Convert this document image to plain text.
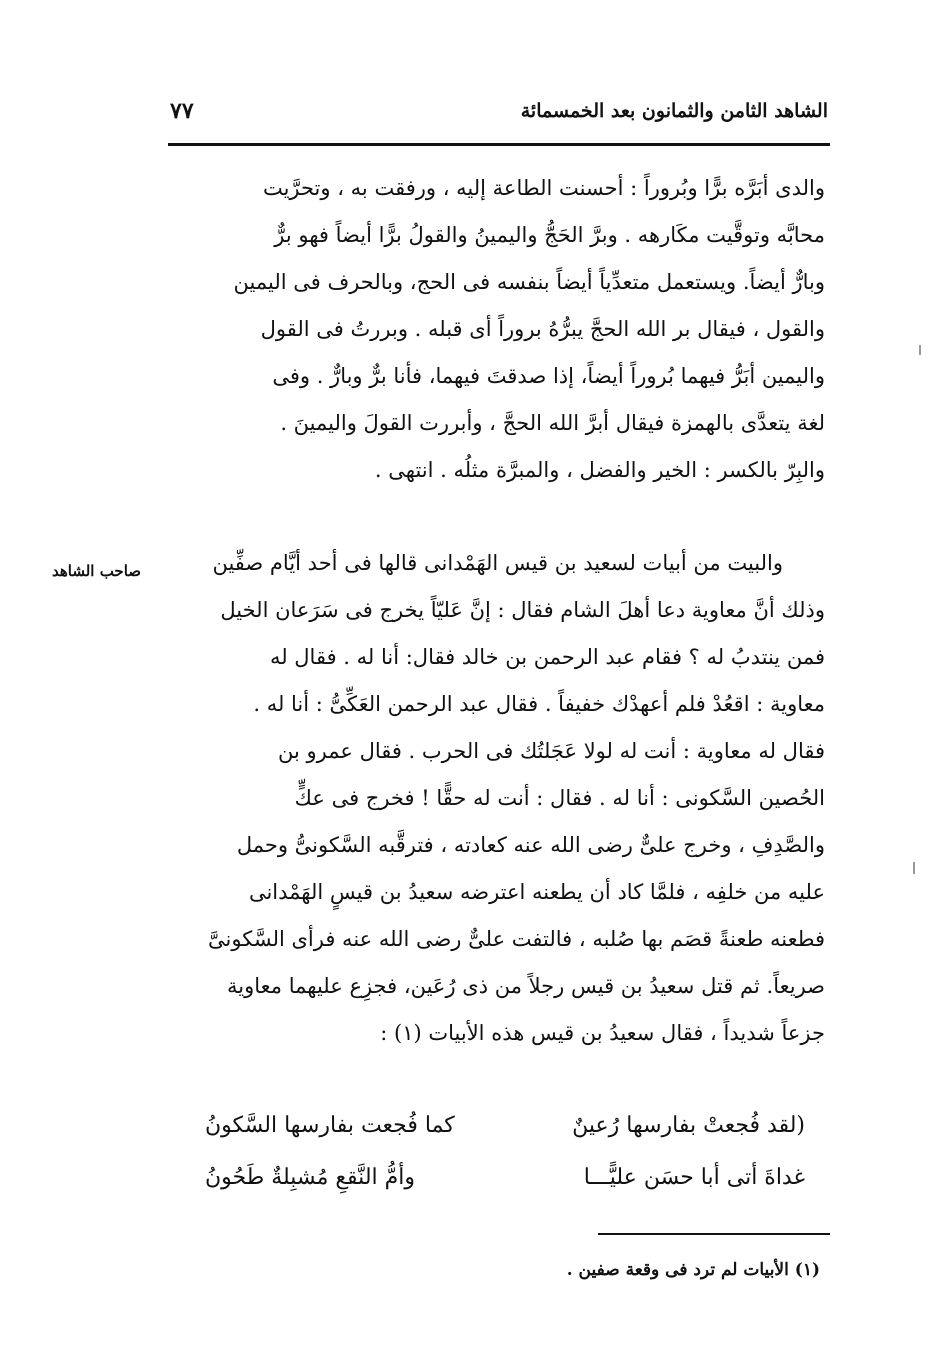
الشاهد الثامن والثمانون بعد الخمسمائة
٧٧

والدى أبَرَّه برًّا وبُروراً : أحسنت الطاعة إليه ، ورفقت به ، وتحرَّيت

محابَّه وتوقَّيت مكَارهه . وبرَّ الحَجُّ واليمينُ والقولُ برًّا أيضاً فهو برٌّ

وبارٌّ أيضاً. ويستعمل متعدِّياً أيضاً بنفسه فى الحج، وبالحرف فى اليمين

والقول ، فيقال بر الله الحجَّ يبرُّهُ بروراً أى قبله . وبررتُ فى القول

واليمين أبَرُّ فيهما بُروراً أيضاً، إذا صدقتَ فيهما، فأنا برٌّ وبارٌّ . وفى

لغة يتعدَّى بالهمزة فيقال أبرَّ الله الحجَّ ، وأبررت القولَ واليمينَ .

والبِرّ بالكسر : الخير والفضل ، والمبرَّة مثلُه . انتهى .

صاحب الشاهد	والبيت من أبيات لسعيد بن قيس الهَمْدانى قالها فى أحد أيَّام صفِّين

وذلك أنَّ معاوية دعا أهلَ الشام فقال : إنَّ عَليّاً يخرج فى سَرَعان الخيل

فمن ينتدبُ له ؟ فقام عبد الرحمن بن خالد فقال: أنا له . فقال له

معاوية : اقعُدْ فلم أعهدْك خفيفاً . فقال عبد الرحمن العَكِّىُّ : أنا له .

فقال له معاوية : أنت له لولا عَجَلتُك فى الحرب . فقال عمرو بن

الحُصين السَّكونى : أنا له . فقال : أنت له حقًّا ! فخرج فى عكٍّ

والصَّدِفِ ، وخرج علىٌّ رضى الله عنه كعادته ، فترقَّبه السَّكونىُّ وحمل

عليه من خلفِه ، فلمَّا كاد أن يطعنه اعترضه سعيدُ بن قيسٍ الهَمْدانى

فطعنه طعنةً قصَم بها صُلبه ، فالتفت علىٌّ رضى الله عنه فرأى السَّكونىَّ

صريعاً. ثم قتل سعيدُ بن قيس رجلاً من ذى رُعَين، فجزِع عليهما معاوية

جزعاً شديداً ، فقال سعيدُ بن قيس هذه الأبيات (١) :

(لقد فُجعتْ بفارسها رُعينٌ
كما فُجعت بفارسها السَّكونُ
غداةَ أتى أبا حسَن عليًّـــا
وأمُّ النَّقعِ مُشبِلةٌ طَحُونُ
(١) الأبيات لم ترد فى وقعة صفين .
